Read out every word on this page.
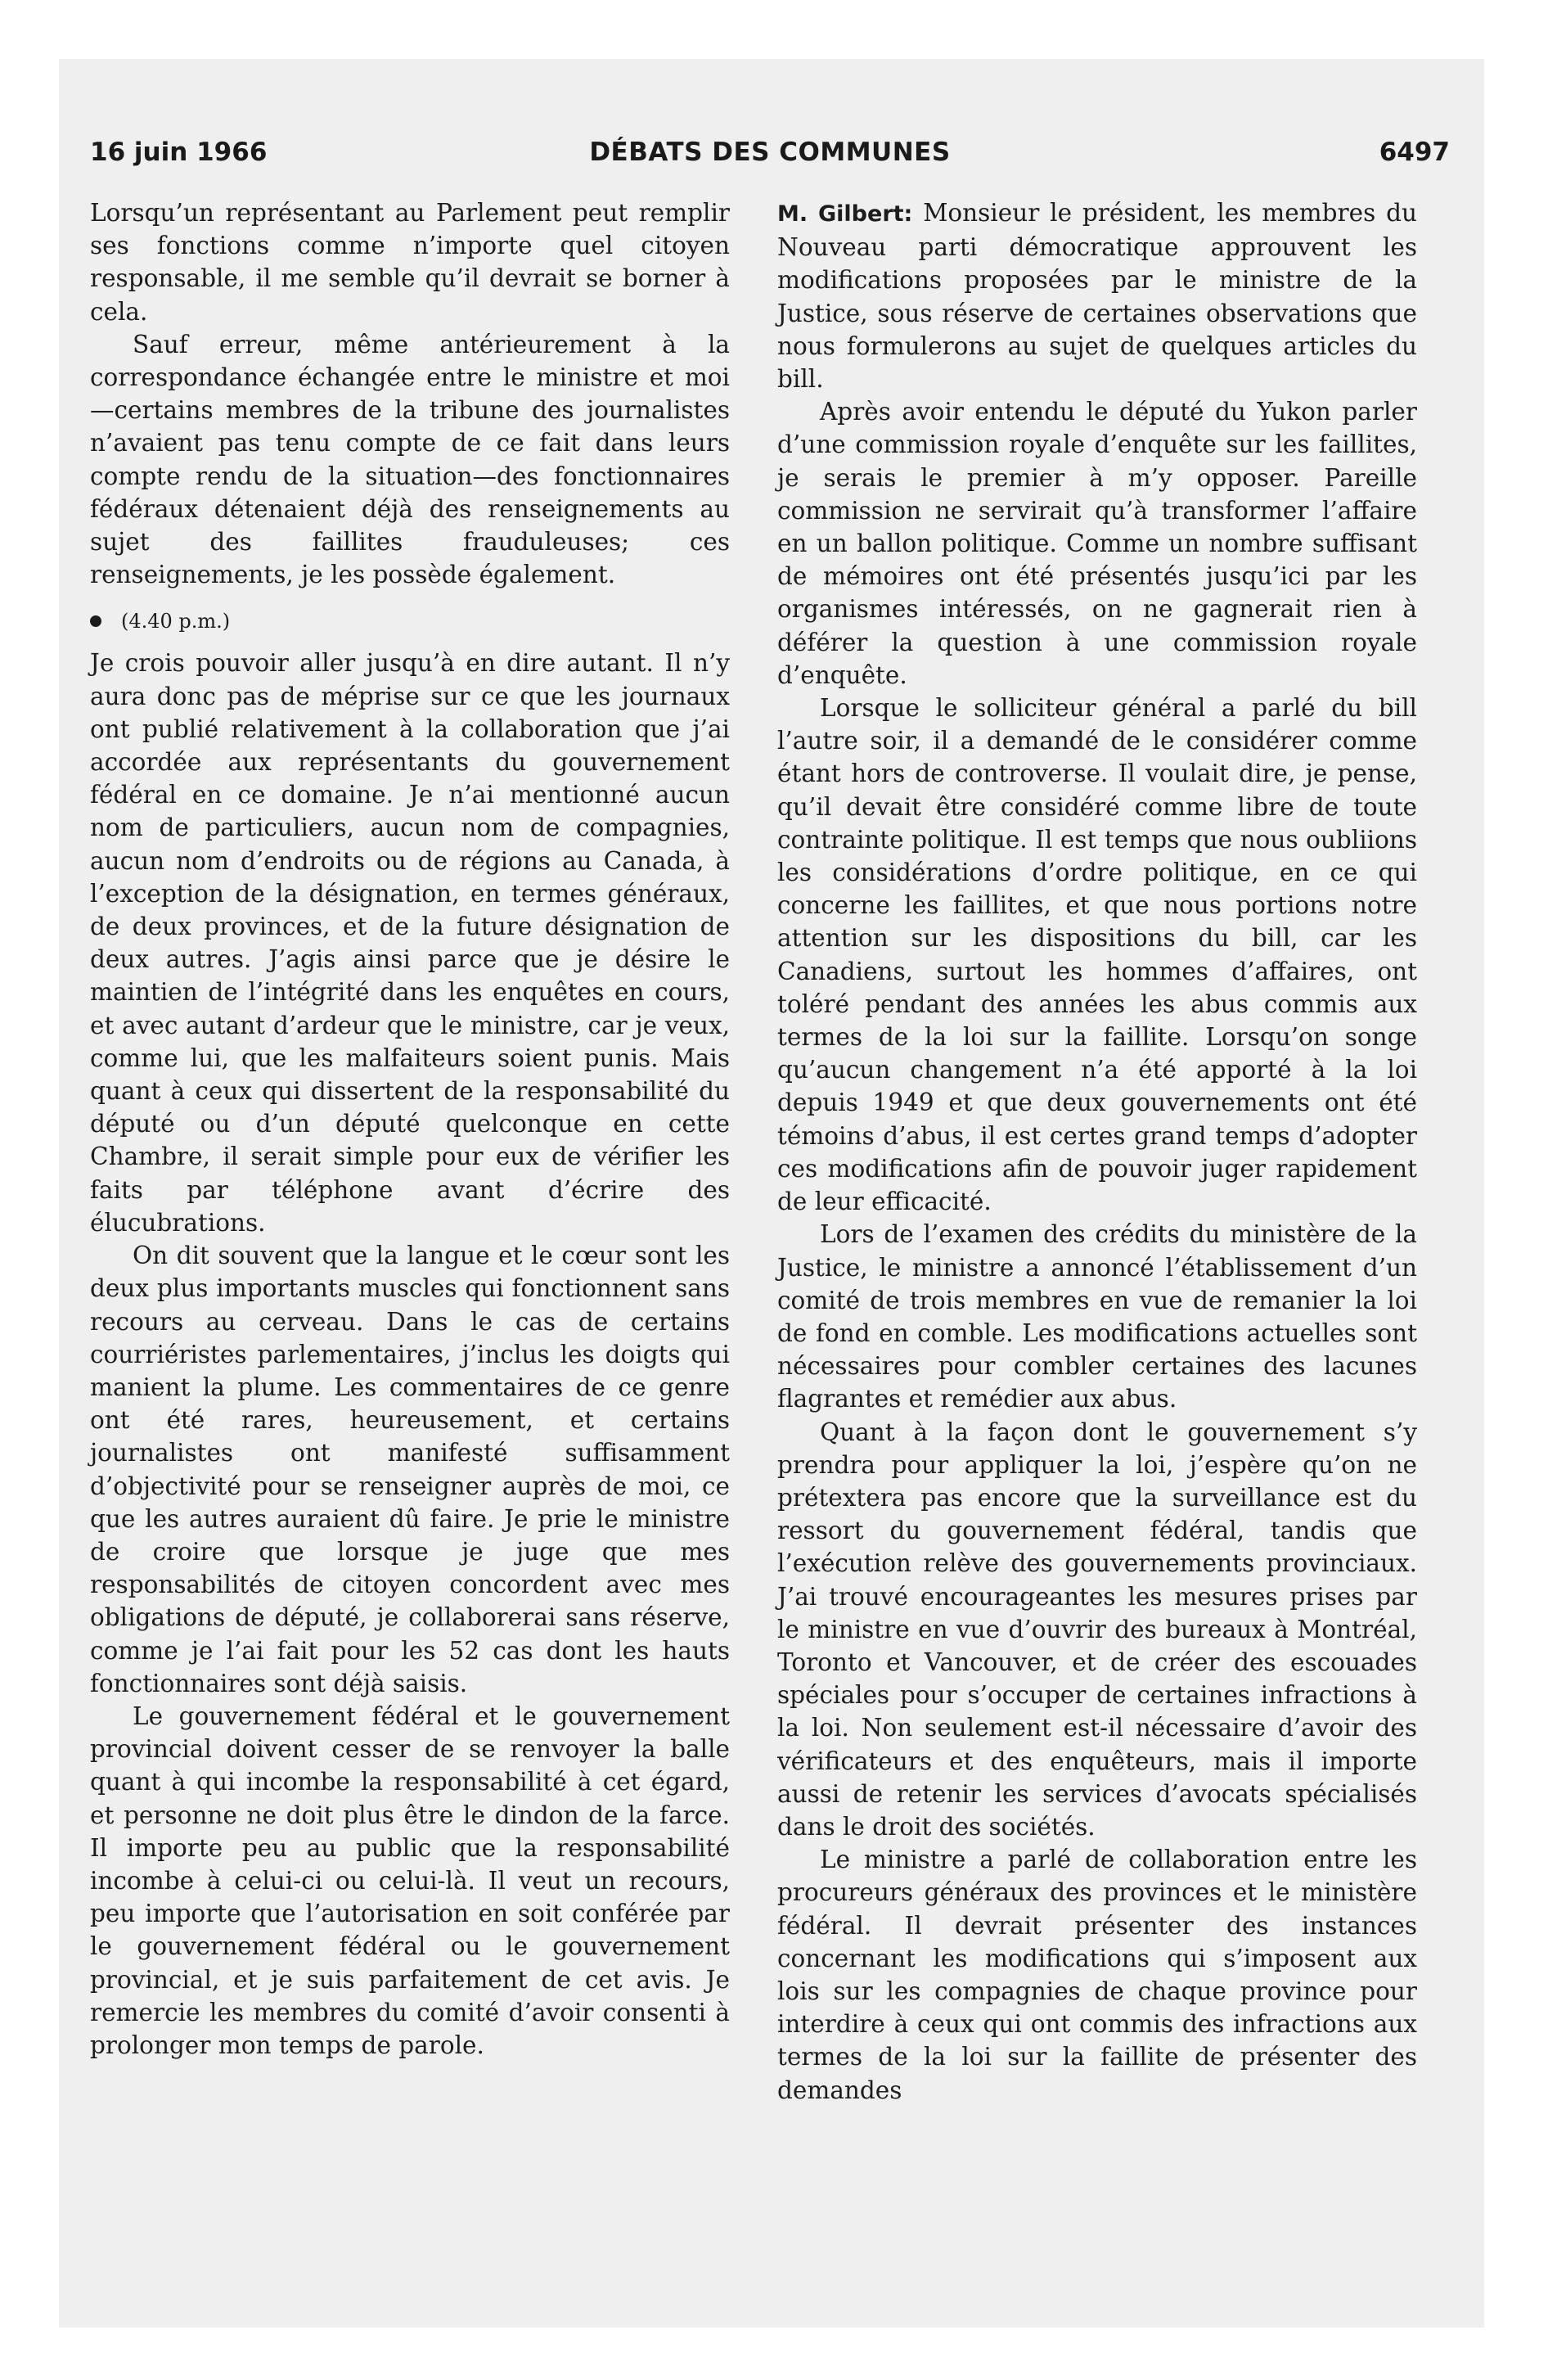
16 juin 1966	DÉBATS DES COMMUNES	6497

Lorsqu’un représentant au Parlement peut remplir ses fonctions comme n’importe quel citoyen responsable, il me semble qu’il devrait se borner à cela.

Sauf erreur, même antérieurement à la correspondance échangée entre le ministre et moi—certains membres de la tribune des journalistes n’avaient pas tenu compte de ce fait dans leurs compte rendu de la situation—des fonctionnaires fédéraux détenaient déjà des renseignements au sujet des faillites frauduleuses; ces renseignements, je les possède également.

(4.40 p.m.)

Je crois pouvoir aller jusqu’à en dire autant. Il n’y aura donc pas de méprise sur ce que les journaux ont publié relativement à la collaboration que j’ai accordée aux représentants du gouvernement fédéral en ce domaine. Je n’ai mentionné aucun nom de particuliers, aucun nom de compagnies, aucun nom d’endroits ou de régions au Canada, à l’exception de la désignation, en termes généraux, de deux provinces, et de la future désignation de deux autres. J’agis ainsi parce que je désire le maintien de l’intégrité dans les enquêtes en cours, et avec autant d’ardeur que le ministre, car je veux, comme lui, que les malfaiteurs soient punis. Mais quant à ceux qui dissertent de la responsabilité du député ou d’un député quelconque en cette Chambre, il serait simple pour eux de vérifier les faits par téléphone avant d’écrire des élucubrations.

On dit souvent que la langue et le cœur sont les deux plus importants muscles qui fonctionnent sans recours au cerveau. Dans le cas de certains courriéristes parlementaires, j’inclus les doigts qui manient la plume. Les commentaires de ce genre ont été rares, heureusement, et certains journalistes ont manifesté suffisamment d’objectivité pour se renseigner auprès de moi, ce que les autres auraient dû faire. Je prie le ministre de croire que lorsque je juge que mes responsabilités de citoyen concordent avec mes obligations de député, je collaborerai sans réserve, comme je l’ai fait pour les 52 cas dont les hauts fonctionnaires sont déjà saisis.

Le gouvernement fédéral et le gouvernement provincial doivent cesser de se renvoyer la balle quant à qui incombe la responsabilité à cet égard, et personne ne doit plus être le dindon de la farce. Il importe peu au public que la responsabilité incombe à celui-ci ou celui-là. Il veut un recours, peu importe que l’autorisation en soit conférée par le gouvernement fédéral ou le gouvernement provincial, et je suis parfaitement de cet avis. Je remercie les membres du comité d’avoir consenti à prolonger mon temps de parole.

M. Gilbert: Monsieur le président, les membres du Nouveau parti démocratique approuvent les modifications proposées par le ministre de la Justice, sous réserve de certaines observations que nous formulerons au sujet de quelques articles du bill.

Après avoir entendu le député du Yukon parler d’une commission royale d’enquête sur les faillites, je serais le premier à m’y opposer. Pareille commission ne servirait qu’à transformer l’affaire en un ballon politique. Comme un nombre suffisant de mémoires ont été présentés jusqu’ici par les organismes intéressés, on ne gagnerait rien à déférer la question à une commission royale d’enquête.

Lorsque le solliciteur général a parlé du bill l’autre soir, il a demandé de le considérer comme étant hors de controverse. Il voulait dire, je pense, qu’il devait être considéré comme libre de toute contrainte politique. Il est temps que nous oubliions les considérations d’ordre politique, en ce qui concerne les faillites, et que nous portions notre attention sur les dispositions du bill, car les Canadiens, surtout les hommes d’affaires, ont toléré pendant des années les abus commis aux termes de la loi sur la faillite. Lorsqu’on songe qu’aucun changement n’a été apporté à la loi depuis 1949 et que deux gouvernements ont été témoins d’abus, il est certes grand temps d’adopter ces modifications afin de pouvoir juger rapidement de leur efficacité.

Lors de l’examen des crédits du ministère de la Justice, le ministre a annoncé l’établissement d’un comité de trois membres en vue de remanier la loi de fond en comble. Les modifications actuelles sont nécessaires pour combler certaines des lacunes flagrantes et remédier aux abus.

Quant à la façon dont le gouvernement s’y prendra pour appliquer la loi, j’espère qu’on ne prétextera pas encore que la surveillance est du ressort du gouvernement fédéral, tandis que l’exécution relève des gouvernements provinciaux. J’ai trouvé encourageantes les mesures prises par le ministre en vue d’ouvrir des bureaux à Montréal, Toronto et Vancouver, et de créer des escouades spéciales pour s’occuper de certaines infractions à la loi. Non seulement est-il nécessaire d’avoir des vérificateurs et des enquêteurs, mais il importe aussi de retenir les services d’avocats spécialisés dans le droit des sociétés.

Le ministre a parlé de collaboration entre les procureurs généraux des provinces et le ministère fédéral. Il devrait présenter des instances concernant les modifications qui s’imposent aux lois sur les compagnies de chaque province pour interdire à ceux qui ont commis des infractions aux termes de la loi sur la faillite de présenter des demandes
